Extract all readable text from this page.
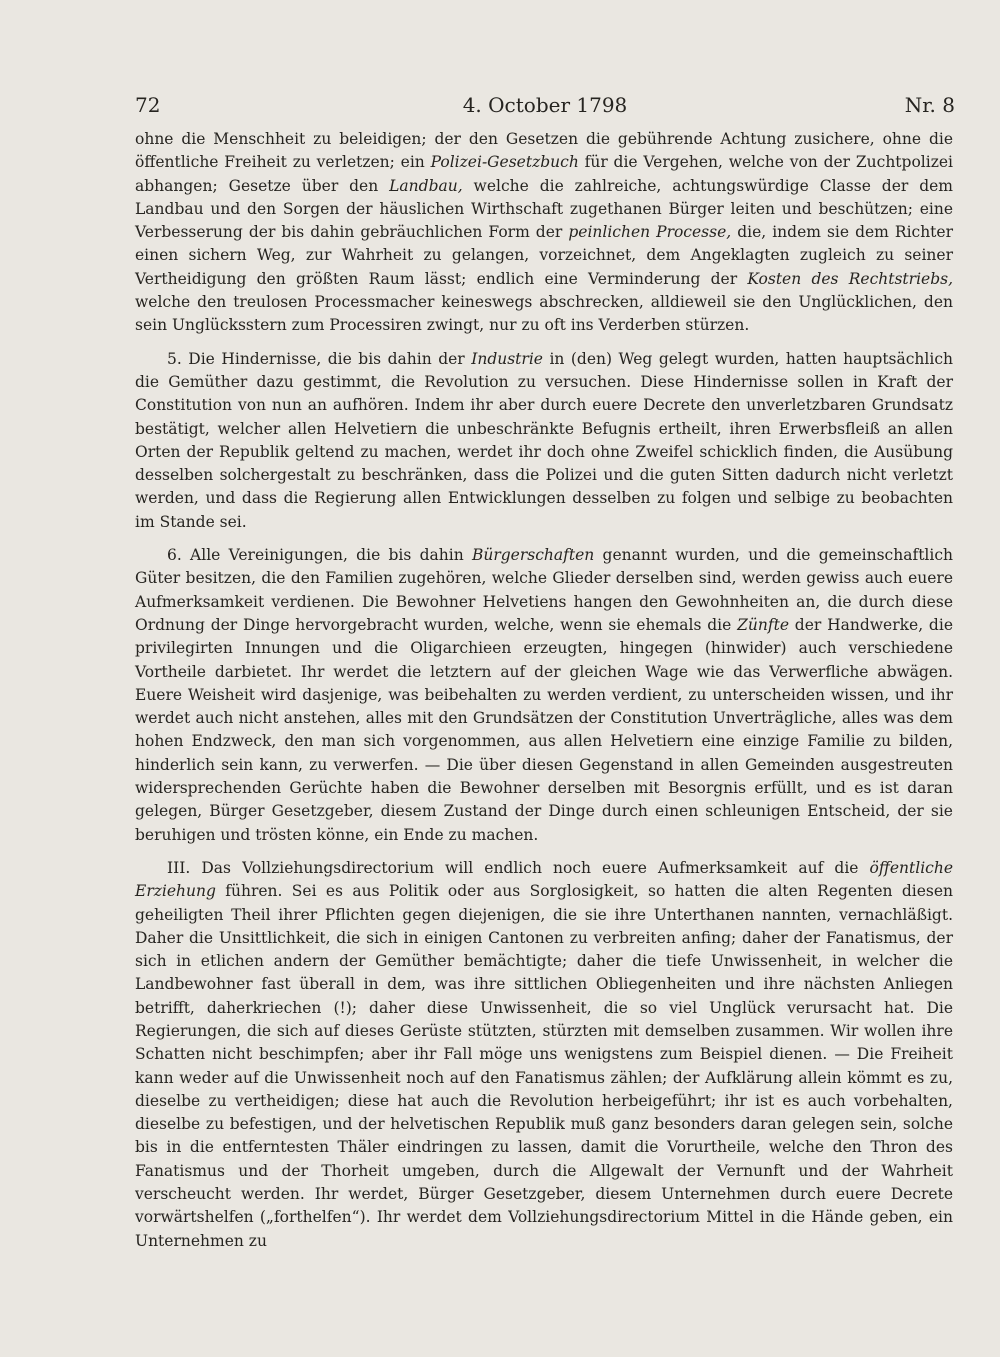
72	4. October 1798	Nr. 8

ohne die Menschheit zu beleidigen; der den Gesetzen die gebührende Achtung zusichere, ohne die öffentliche Freiheit zu verletzen; ein Polizei-Gesetzbuch für die Vergehen, welche von der Zuchtpolizei abhangen; Gesetze über den Landbau, welche die zahlreiche, achtungswürdige Classe der dem Landbau und den Sorgen der häuslichen Wirthschaft zugethanen Bürger leiten und beschützen; eine Verbesserung der bis dahin gebräuchlichen Form der peinlichen Processe, die, indem sie dem Richter einen sichern Weg, zur Wahrheit zu gelangen, vorzeichnet, dem Angeklagten zugleich zu seiner Vertheidigung den größten Raum lässt; endlich eine Verminderung der Kosten des Rechtstriebs, welche den treulosen Processmacher keineswegs abschrecken, alldieweil sie den Unglücklichen, den sein Unglücksstern zum Processiren zwingt, nur zu oft ins Verderben stürzen.

5. Die Hindernisse, die bis dahin der Industrie in (den) Weg gelegt wurden, hatten hauptsächlich die Gemüther dazu gestimmt, die Revolution zu versuchen. Diese Hindernisse sollen in Kraft der Constitution von nun an aufhören. Indem ihr aber durch euere Decrete den unverletzbaren Grundsatz bestätigt, welcher allen Helvetiern die unbeschränkte Befugnis ertheilt, ihren Erwerbsfleiß an allen Orten der Republik geltend zu machen, werdet ihr doch ohne Zweifel schicklich finden, die Ausübung desselben solchergestalt zu beschränken, dass die Polizei und die guten Sitten dadurch nicht verletzt werden, und dass die Regierung allen Entwicklungen desselben zu folgen und selbige zu beobachten im Stande sei.

6. Alle Vereinigungen, die bis dahin Bürgerschaften genannt wurden, und die gemeinschaftlich Güter besitzen, die den Familien zugehören, welche Glieder derselben sind, werden gewiss auch euere Aufmerksamkeit verdienen. Die Bewohner Helvetiens hangen den Gewohnheiten an, die durch diese Ordnung der Dinge hervorgebracht wurden, welche, wenn sie ehemals die Zünfte der Handwerke, die privilegirten Innungen und die Oligarchieen erzeugten, hingegen (hinwider) auch verschiedene Vortheile darbietet. Ihr werdet die letztern auf der gleichen Wage wie das Verwerfliche abwägen. Euere Weisheit wird dasjenige, was beibehalten zu werden verdient, zu unterscheiden wissen, und ihr werdet auch nicht anstehen, alles mit den Grundsätzen der Constitution Unverträgliche, alles was dem hohen Endzweck, den man sich vorgenommen, aus allen Helvetiern eine einzige Familie zu bilden, hinderlich sein kann, zu verwerfen. — Die über diesen Gegenstand in allen Gemeinden ausgestreuten widersprechenden Gerüchte haben die Bewohner derselben mit Besorgnis erfüllt, und es ist daran gelegen, Bürger Gesetzgeber, diesem Zustand der Dinge durch einen schleunigen Entscheid, der sie beruhigen und trösten könne, ein Ende zu machen.

III. Das Vollziehungsdirectorium will endlich noch euere Aufmerksamkeit auf die öffentliche Erziehung führen. Sei es aus Politik oder aus Sorglosigkeit, so hatten die alten Regenten diesen geheiligten Theil ihrer Pflichten gegen diejenigen, die sie ihre Unterthanen nannten, vernachläßigt. Daher die Unsittlichkeit, die sich in einigen Cantonen zu verbreiten anfing; daher der Fanatismus, der sich in etlichen andern der Gemüther bemächtigte; daher die tiefe Unwissenheit, in welcher die Landbewohner fast überall in dem, was ihre sittlichen Obliegenheiten und ihre nächsten Anliegen betrifft, daherkriechen (!); daher diese Unwissenheit, die so viel Unglück verursacht hat. Die Regierungen, die sich auf dieses Gerüste stützten, stürzten mit demselben zusammen. Wir wollen ihre Schatten nicht beschimpfen; aber ihr Fall möge uns wenigstens zum Beispiel dienen. — Die Freiheit kann weder auf die Unwissenheit noch auf den Fanatismus zählen; der Aufklärung allein kömmt es zu, dieselbe zu vertheidigen; diese hat auch die Revolution herbeigeführt; ihr ist es auch vorbehalten, dieselbe zu befestigen, und der helvetischen Republik muß ganz besonders daran gelegen sein, solche bis in die entferntesten Thäler eindringen zu lassen, damit die Vorurtheile, welche den Thron des Fanatismus und der Thorheit umgeben, durch die Allgewalt der Vernunft und der Wahrheit verscheucht werden. Ihr werdet, Bürger Gesetzgeber, diesem Unternehmen durch euere Decrete vorwärtshelfen („forthelfen“). Ihr werdet dem Vollziehungsdirectorium Mittel in die Hände geben, ein Unternehmen zu
